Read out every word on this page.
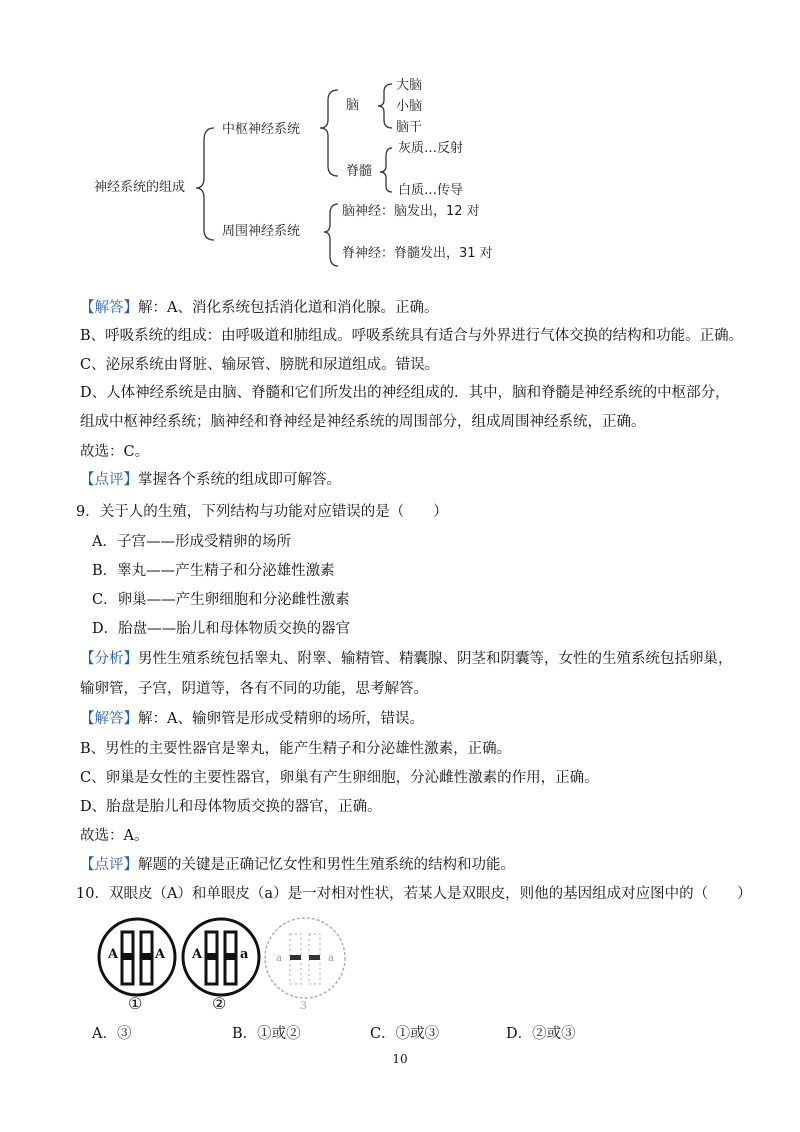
神经系统的组成
中枢神经系统
周围神经系统
脑
大脑
小脑
脑干
脊髓
灰质…反射
白质…传导
脑神经：脑发出，12 对
脊神经：脊髓发出，31 对
【解答】解：A、消化系统包括消化道和消化腺。正确。
B、呼吸系统的组成：由呼吸道和肺组成。呼吸系统具有适合与外界进行气体交换的结构和功能。正确。
C、泌尿系统由肾脏、输尿管、膀胱和尿道组成。错误。
D、人体神经系统是由脑、脊髓和它们所发出的神经组成的．其中，脑和脊髓是神经系统的中枢部分，
组成中枢神经系统；脑神经和脊神经是神经系统的周围部分，组成周围神经系统，正确。
故选：C。
【点评】掌握各个系统的组成即可解答。
9．关于人的生殖，下列结构与功能对应错误的是（　　）
A．子宫——形成受精卵的场所
B．睾丸——产生精子和分泌雄性激素
C．卵巢——产生卵细胞和分泌雌性激素
D．胎盘——胎儿和母体物质交换的器官
【分析】男性生殖系统包括睾丸、附睾、输精管、精囊腺、阴茎和阴囊等，女性的生殖系统包括卵巢，
输卵管，子宫，阴道等，各有不同的功能，思考解答。
【解答】解：A、输卵管是形成受精卵的场所，错误。
B、男性的主要性器官是睾丸，能产生精子和分泌雄性激素，正确。
C、卵巢是女性的主要性器官，卵巢有产生卵细胞，分沁雌性激素的作用，正确。
D、胎盘是胎儿和母体物质交换的器官，正确。
故选：A。
【点评】解题的关键是正确记忆女性和男性生殖系统的结构和功能。
10．双眼皮（A）和单眼皮（a）是一对相对性状，若某人是双眼皮，则他的基因组成对应图中的（　　）
A	A
①
A	a
②
a	a
3
A．③	B．①或②	C．①或③	D．②或③
10
